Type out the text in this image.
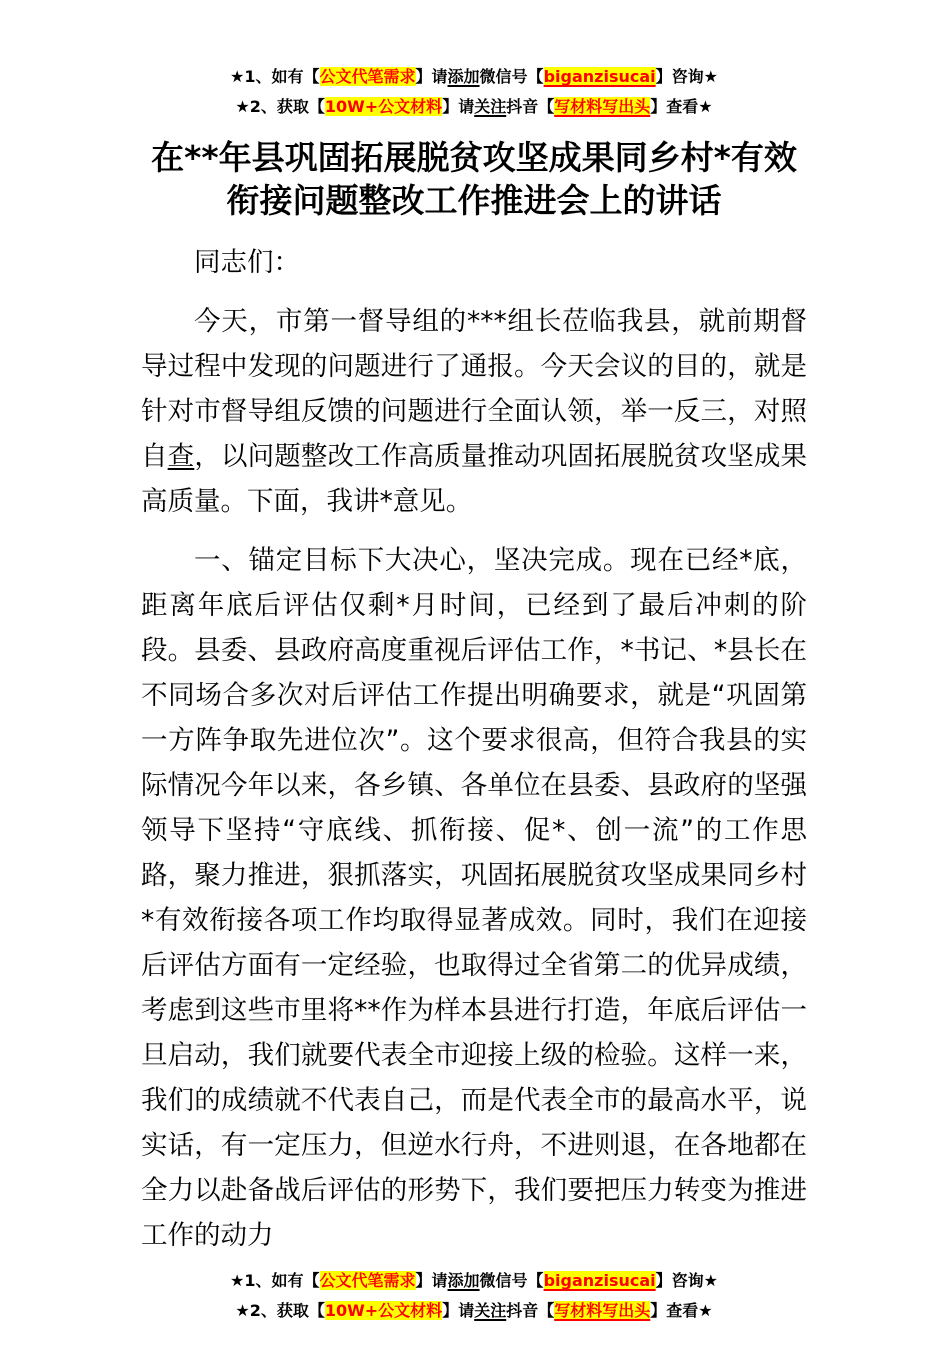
★1、如有【公文代笔需求】请添加微信号【biganzisucai】咨询★
★2、获取【10W+公文材料】请关注抖音【写材料写出头】查看★
在**年县巩固拓展脱贫攻坚成果同乡村*有效
衔接问题整改工作推进会上的讲话

同志们：

今天，市第一督导组的***组长莅临我县，就前期督导过程中发现的问题进行了通报。今天会议的目的，就是针对市督导组反馈的问题进行全面认领，举一反三，对照自查，以问题整改工作高质量推动巩固拓展脱贫攻坚成果高质量。下面，我讲*意见。

一、锚定目标下大决心，坚决完成。现在已经*底，距离年底后评估仅剩*月时间，已经到了最后冲刺的阶段。县委、县政府高度重视后评估工作，*书记、*县长在不同场合多次对后评估工作提出明确要求，就是“巩固第一方阵争取先进位次”。这个要求很高，但符合我县的实际情况今年以来，各乡镇、各单位在县委、县政府的坚强领导下坚持“守底线、抓衔接、促*、创一流”的工作思路，聚力推进，狠抓落实，巩固拓展脱贫攻坚成果同乡村*有效衔接各项工作均取得显著成效。同时，我们在迎接后评估方面有一定经验，也取得过全省第二的优异成绩，考虑到这些市里将**作为样本县进行打造，年底后评估一旦启动，我们就要代表全市迎接上级的检验。这样一来，我们的成绩就不代表自己，而是代表全市的最高水平，说实话，有一定压力，但逆水行舟，不进则退，在各地都在全力以赴备战后评估的形势下，我们要把压力转变为推进工作的动力

★1、如有【公文代笔需求】请添加微信号【biganzisucai】咨询★
★2、获取【10W+公文材料】请关注抖音【写材料写出头】查看★
